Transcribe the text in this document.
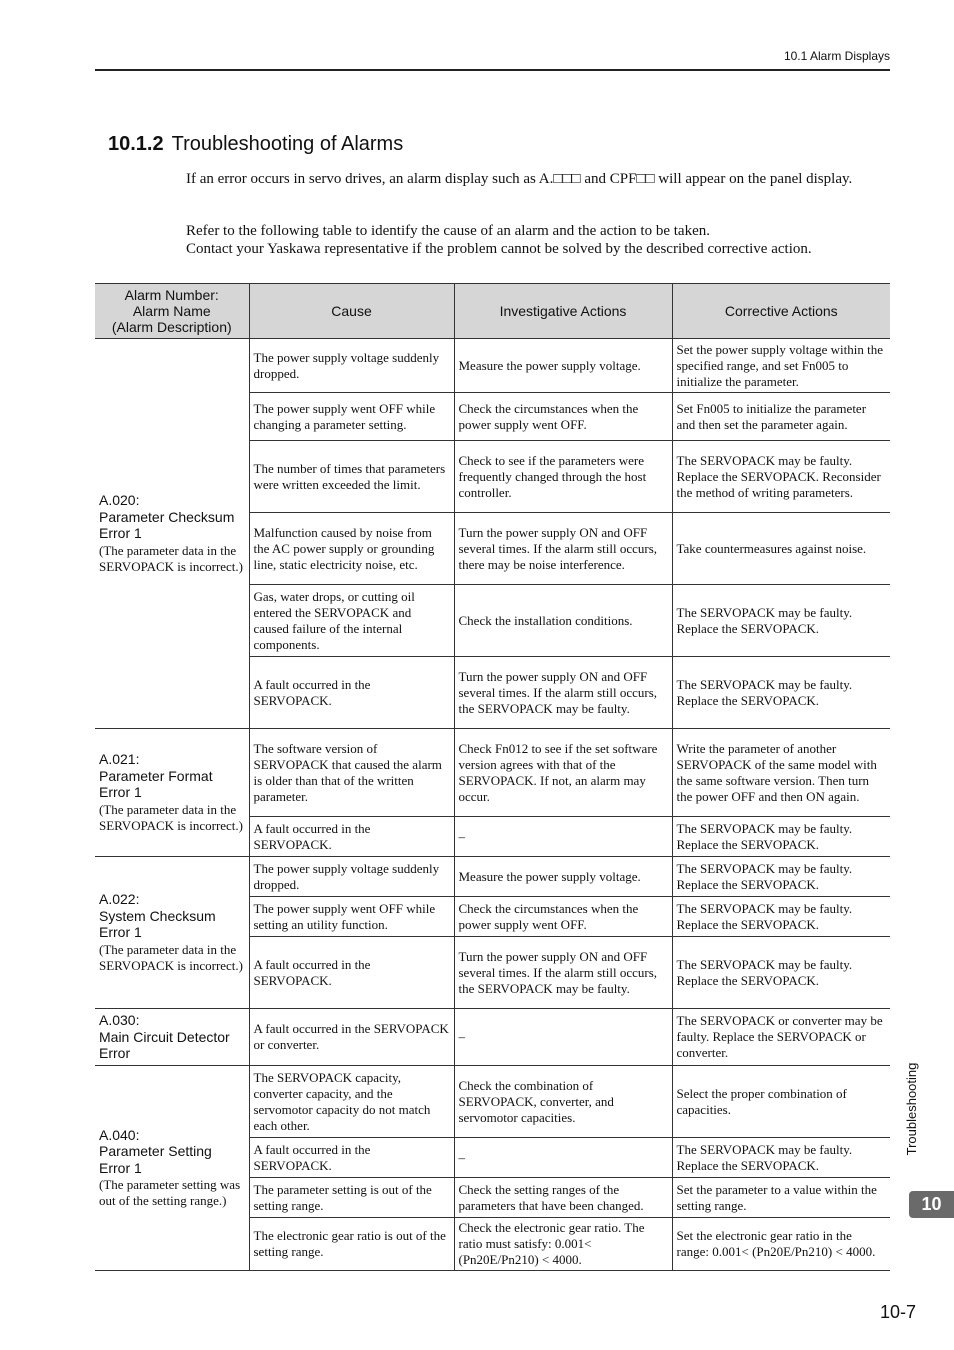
10.1 Alarm Displays
10.1.2 Troubleshooting of Alarms
If an error occurs in servo drives, an alarm display such as A.□□□ and CPF□□ will appear on the panel display.
Refer to the following table to identify the cause of an alarm and the action to be taken.
Contact your Yaskawa representative if the problem cannot be solved by the described corrective action.
Alarm Number:
Alarm Name
(Alarm Description)	Cause	Investigative Actions	Corrective Actions

A.020:
Parameter Checksum Error 1
(The parameter data in the SERVOPACK is incorrect.)	The power supply voltage suddenly dropped.	Measure the power supply voltage.	Set the power supply voltage within the specified range, and set Fn005 to initialize the parameter.
	The power supply went OFF while changing a parameter setting.	Check the circumstances when the power supply went OFF.	Set Fn005 to initialize the parameter and then set the parameter again.
	The number of times that parameters were written exceeded the limit.	Check to see if the parameters were frequently changed through the host controller.	The SERVOPACK may be faulty. Replace the SERVOPACK. Reconsider the method of writing parameters.
	Malfunction caused by noise from the AC power supply or grounding line, static electricity noise, etc.	Turn the power supply ON and OFF several times. If the alarm still occurs, there may be noise interference.	Take countermeasures against noise.
	Gas, water drops, or cutting oil entered the SERVOPACK and caused failure of the internal components.	Check the installation conditions.	The SERVOPACK may be faulty. Replace the SERVOPACK.
	A fault occurred in the SERVOPACK.	Turn the power supply ON and OFF several times. If the alarm still occurs, the SERVOPACK may be faulty.	The SERVOPACK may be faulty. Replace the SERVOPACK.

A.021:
Parameter Format Error 1
(The parameter data in the SERVOPACK is incorrect.)	The software version of SERVOPACK that caused the alarm is older than that of the written parameter.	Check Fn012 to see if the set software version agrees with that of the SERVOPACK. If not, an alarm may occur.	Write the parameter of another SERVOPACK of the same model with the same software version. Then turn the power OFF and then ON again.
	A fault occurred in the SERVOPACK.	–	The SERVOPACK may be faulty. Replace the SERVOPACK.

A.022:
System Checksum Error 1
(The parameter data in the SERVOPACK is incorrect.)	The power supply voltage suddenly dropped.	Measure the power supply voltage.	The SERVOPACK may be faulty. Replace the SERVOPACK.
	The power supply went OFF while setting an utility function.	Check the circumstances when the power supply went OFF.	The SERVOPACK may be faulty. Replace the SERVOPACK.
	A fault occurred in the SERVOPACK.	Turn the power supply ON and OFF several times. If the alarm still occurs, the SERVOPACK may be faulty.	The SERVOPACK may be faulty. Replace the SERVOPACK.

A.030:
Main Circuit Detector Error	A fault occurred in the SERVOPACK or converter.	–	The SERVOPACK or converter may be faulty. Replace the SERVOPACK or converter.

A.040:
Parameter Setting Error 1
(The parameter setting was out of the setting range.)	The SERVOPACK capacity, converter capacity, and the servomotor capacity do not match each other.	Check the combination of SERVOPACK, converter, and servomotor capacities.	Select the proper combination of capacities.
	A fault occurred in the SERVOPACK.	–	The SERVOPACK may be faulty. Replace the SERVOPACK.
	The parameter setting is out of the setting range.	Check the setting ranges of the parameters that have been changed.	Set the parameter to a value within the setting range.
	The electronic gear ratio is out of the setting range.	Check the electronic gear ratio. The ratio must satisfy: 0.001< (Pn20E/Pn210) < 4000.	Set the electronic gear ratio in the range: 0.001< (Pn20E/Pn210) < 4000.
Troubleshooting
10
10-7
